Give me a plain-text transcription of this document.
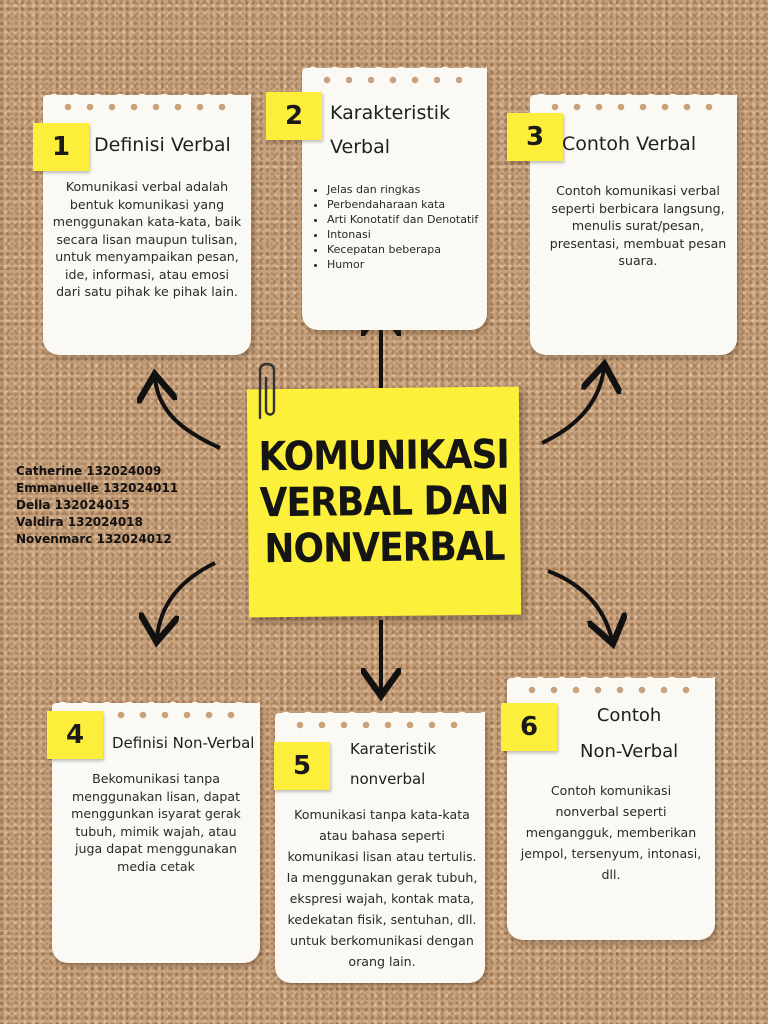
1 Definisi Verbal
Komunikasi verbal adalah bentuk komunikasi yang menggunakan kata-kata, baik secara lisan maupun tulisan, untuk menyampaikan pesan, ide, informasi, atau emosi dari satu pihak ke pihak lain.
2 Karakteristik
Verbal
• Jelas dan ringkas
• Perbendaharaan kata
• Arti Konotatif dan Denotatif
• Intonasi
• Kecepatan beberapa
• Humor
3 Contoh Verbal
Contoh komunikasi verbal seperti berbicara langsung, menulis surat/pesan, presentasi, membuat pesan suara.
KOMUNIKASI VERBAL DAN NONVERBAL
Catherine 132024009
Emmanuelle 132024011
Della 132024015
Valdira 132024018
Novenmarc 132024012
4 Definisi Non-Verbal
Bekomunikasi tanpa menggunakan lisan, dapat menggunkan isyarat gerak tubuh, mimik wajah, atau juga dapat menggunakan media cetak
5
Karateristik
nonverbal
Komunikasi tanpa kata-kata atau bahasa seperti komunikasi lisan atau tertulis. Ia menggunakan gerak tubuh, ekspresi wajah, kontak mata, kedekatan fisik, sentuhan, dll. untuk berkomunikasi dengan orang lain.
6	Contoh
Non-Verbal
Contoh komunikasi nonverbal seperti mengangguk, memberikan jempol, tersenyum, intonasi, dll.
